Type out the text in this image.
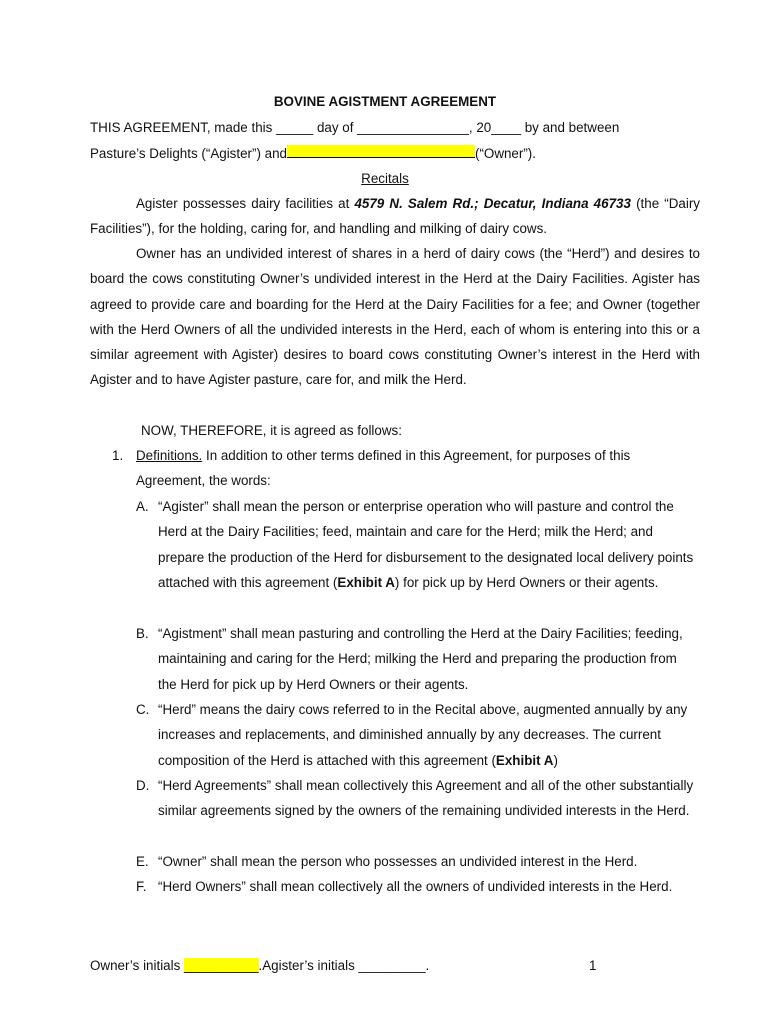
BOVINE AGISTMENT AGREEMENT
THIS AGREEMENT, made this _____ day of _______________, 20____ by and between
Pasture’s Delights (“Agister”) and	(“Owner”).
Recitals
Agister possesses dairy facilities at 4579 N. Salem Rd.; Decatur, Indiana 46733 (the “Dairy Facilities”), for the holding, caring for, and handling and milking of dairy cows.
Owner has an undivided interest of shares in a herd of dairy cows (the “Herd”) and desires to board the cows constituting Owner’s undivided interest in the Herd at the Dairy Facilities. Agister has agreed to provide care and boarding for the Herd at the Dairy Facilities for a fee; and Owner (together with the Herd Owners of all the undivided interests in the Herd, each of whom is entering into this or a similar agreement with Agister) desires to board cows constituting Owner’s interest in the Herd with Agister and to have Agister pasture, care for, and milk the Herd.
NOW, THEREFORE, it is agreed as follows:
1. Definitions. In addition to other terms defined in this Agreement, for purposes of this Agreement, the words:
A. “Agister” shall mean the person or enterprise operation who will pasture and control the Herd at the Dairy Facilities; feed, maintain and care for the Herd; milk the Herd; and prepare the production of the Herd for disbursement to the designated local delivery points attached with this agreement (Exhibit A) for pick up by Herd Owners or their agents.
B. “Agistment” shall mean pasturing and controlling the Herd at the Dairy Facilities; feeding, maintaining and caring for the Herd; milking the Herd and preparing the production from the Herd for pick up by Herd Owners or their agents.
C. “Herd” means the dairy cows referred to in the Recital above, augmented annually by any increases and replacements, and diminished annually by any decreases. The current composition of the Herd is attached with this agreement (Exhibit A)
D. “Herd Agreements” shall mean collectively this Agreement and all of the other substantially similar agreements signed by the owners of the remaining undivided interests in the Herd.
E. “Owner” shall mean the person who possesses an undivided interest in the Herd.
F. “Herd Owners” shall mean collectively all the owners of undivided interests in the Herd.
Owner’s initials __________.Agister’s initials _________.	1
